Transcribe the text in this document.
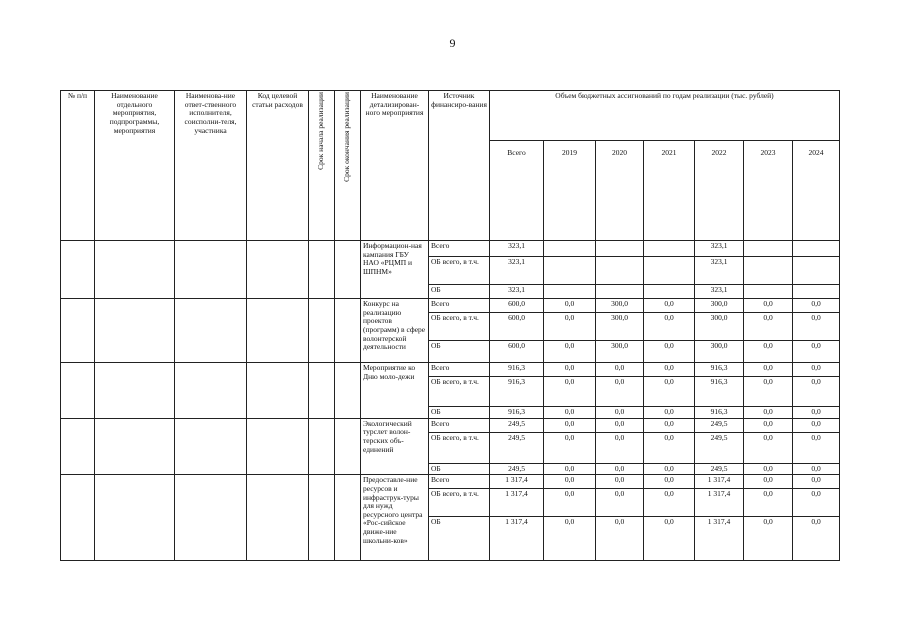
9
№ п/п	Наименование отдельного мероприятия, подпрограммы, мероприятия	Наименова-ние ответ-ственного исполнителя, соисполни-теля, участника	Код целевой статьи расходов	Срок начала реализации	Срок окончания реализации	Наименование детализирован-ного мероприятия	Источник финансиро-вания	Объем бюджетных ассигнований по годам реализации (тыс. рублей)						
								Всего	2019	2020	2021	2022	2023	2024
						Информацион-ная кампания ГБУ НАО «РЦМП и ШПНМ»	Всего	323,1				323,1		
							ОБ всего, в т.ч.	323,1				323,1		
							ОБ	323,1				323,1		
						Конкурс на реализацию проектов (программ) в сфере волонтерской деятельности	Всего	600,0	0,0	300,0	0,0	300,0	0,0	0,0
							ОБ всего, в т.ч.	600,0	0,0	300,0	0,0	300,0	0,0	0,0
							ОБ	600,0	0,0	300,0	0,0	300,0	0,0	0,0
						Мероприятие ко Дню моло-дежи	Всего	916,3	0,0	0,0	0,0	916,3	0,0	0,0
							ОБ всего, в т.ч.	916,3	0,0	0,0	0,0	916,3	0,0	0,0
							ОБ	916,3	0,0	0,0	0,0	916,3	0,0	0,0
						Экологический турслет волон-терских объ-единений	Всего	249,5	0,0	0,0	0,0	249,5	0,0	0,0
							ОБ всего, в т.ч.	249,5	0,0	0,0	0,0	249,5	0,0	0,0
							ОБ	249,5	0,0	0,0	0,0	249,5	0,0	0,0
						Предоставле-ние ресурсов и инфраструк-туры для нужд ресурсного центра «Рос-сийское движе-ние школьни-ков»	Всего	1 317,4	0,0	0,0	0,0	1 317,4	0,0	0,0
							ОБ всего, в т.ч.	1 317,4	0,0	0,0	0,0	1 317,4	0,0	0,0
							ОБ	1 317,4	0,0	0,0	0,0	1 317,4	0,0	0,0
